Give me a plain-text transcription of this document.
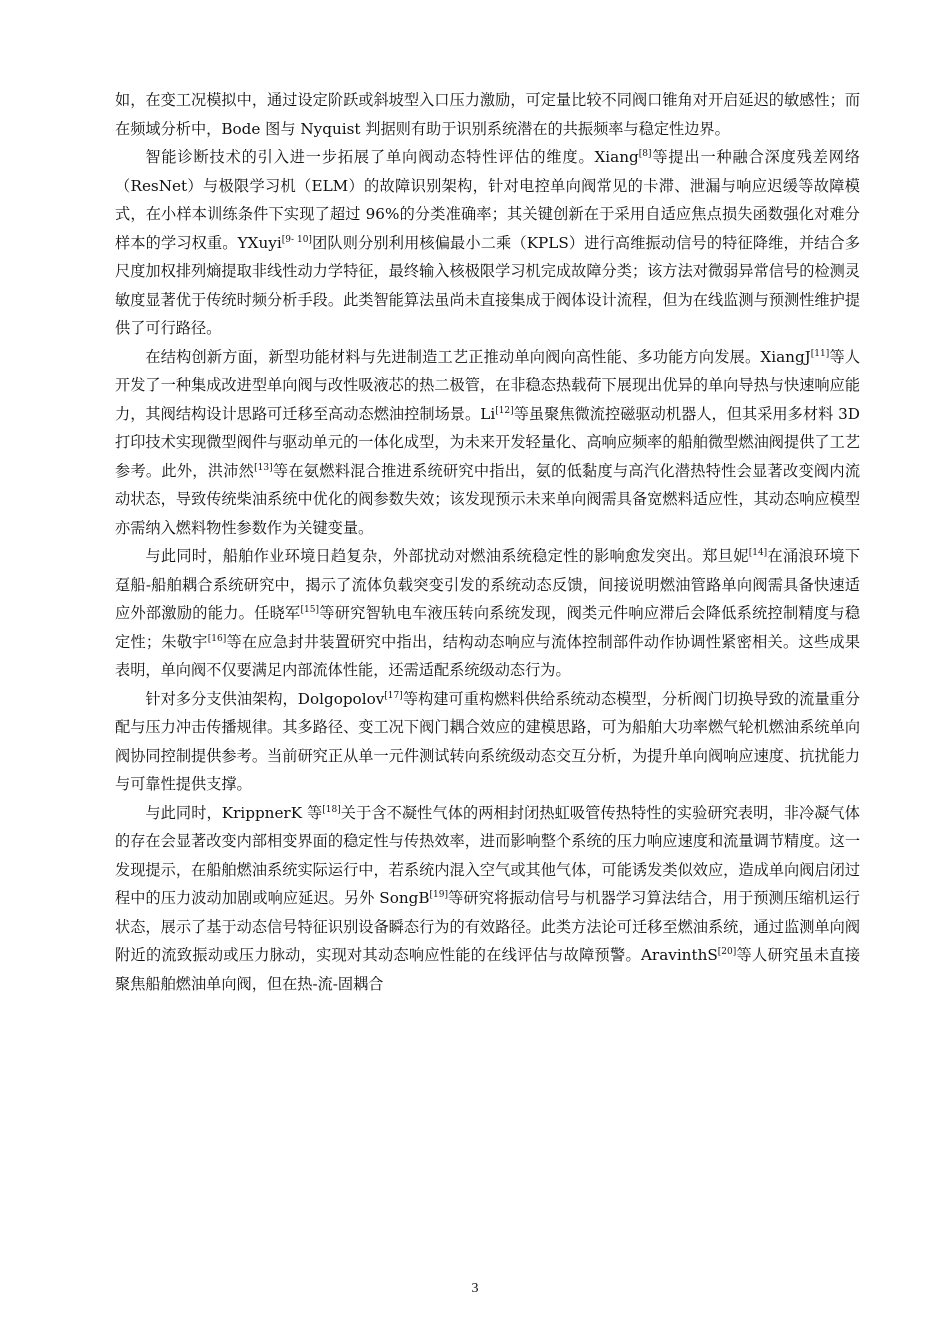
如，在变工况模拟中，通过设定阶跃或斜坡型入口压力激励，可定量比较不同阀口锥角对开启延迟的敏感性；而在频域分析中，Bode 图与 Nyquist 判据则有助于识别系统潜在的共振频率与稳定性边界。

智能诊断技术的引入进一步拓展了单向阀动态特性评估的维度。Xiang[8]等提出一种融合深度残差网络（ResNet）与极限学习机（ELM）的故障识别架构，针对电控单向阀常见的卡滞、泄漏与响应迟缓等故障模式，在小样本训练条件下实现了超过 96%的分类准确率；其关键创新在于采用自适应焦点损失函数强化对难分样本的学习权重。YXuyi[9- 10]团队则分别利用核偏最小二乘（KPLS）进行高维振动信号的特征降维，并结合多尺度加权排列熵提取非线性动力学特征，最终输入核极限学习机完成故障分类；该方法对微弱异常信号的检测灵敏度显著优于传统时频分析手段。此类智能算法虽尚未直接集成于阀体设计流程，但为在线监测与预测性维护提供了可行路径。

在结构创新方面，新型功能材料与先进制造工艺正推动单向阀向高性能、多功能方向发展。XiangJ[11]等人开发了一种集成改进型单向阀与改性吸液芯的热二极管，在非稳态热载荷下展现出优异的单向导热与快速响应能力，其阀结构设计思路可迁移至高动态燃油控制场景。Li[12]等虽聚焦微流控磁驱动机器人，但其采用多材料 3D 打印技术实现微型阀件与驱动单元的一体化成型，为未来开发轻量化、高响应频率的船舶微型燃油阀提供了工艺参考。此外，洪沛然[13]等在氨燃料混合推进系统研究中指出，氨的低黏度与高汽化潜热特性会显著改变阀内流动状态，导致传统柴油系统中优化的阀参数失效；该发现预示未来单向阀需具备宽燃料适应性，其动态响应模型亦需纳入燃料物性参数作为关键变量。

与此同时，船舶作业环境日趋复杂，外部扰动对燃油系统稳定性的影响愈发突出。郑旦妮[14]在涌浪环境下趸船-船舶耦合系统研究中，揭示了流体负载突变引发的系统动态反馈，间接说明燃油管路单向阀需具备快速适应外部激励的能力。任晓军[15]等研究智轨电车液压转向系统发现，阀类元件响应滞后会降低系统控制精度与稳定性；朱敬宇[16]等在应急封井装置研究中指出，结构动态响应与流体控制部件动作协调性紧密相关。这些成果表明，单向阀不仅要满足内部流体性能，还需适配系统级动态行为。

针对多分支供油架构，Dolgopolov[17]等构建可重构燃料供给系统动态模型，分析阀门切换导致的流量重分配与压力冲击传播规律。其多路径、变工况下阀门耦合效应的建模思路，可为船舶大功率燃气轮机燃油系统单向阀协同控制提供参考。当前研究正从单一元件测试转向系统级动态交互分析，为提升单向阀响应速度、抗扰能力与可靠性提供支撑。

与此同时，KrippnerK 等[18]关于含不凝性气体的两相封闭热虹吸管传热特性的实验研究表明，非冷凝气体的存在会显著改变内部相变界面的稳定性与传热效率，进而影响整个系统的压力响应速度和流量调节精度。这一发现提示，在船舶燃油系统实际运行中，若系统内混入空气或其他气体，可能诱发类似效应，造成单向阀启闭过程中的压力波动加剧或响应延迟。另外 SongB[19]等研究将振动信号与机器学习算法结合，用于预测压缩机运行状态，展示了基于动态信号特征识别设备瞬态行为的有效路径。此类方法论可迁移至燃油系统，通过监测单向阀附近的流致振动或压力脉动，实现对其动态响应性能的在线评估与故障预警。AravinthS[20]等人研究虽未直接聚焦船舶燃油单向阀，但在热-流-固耦合

3
